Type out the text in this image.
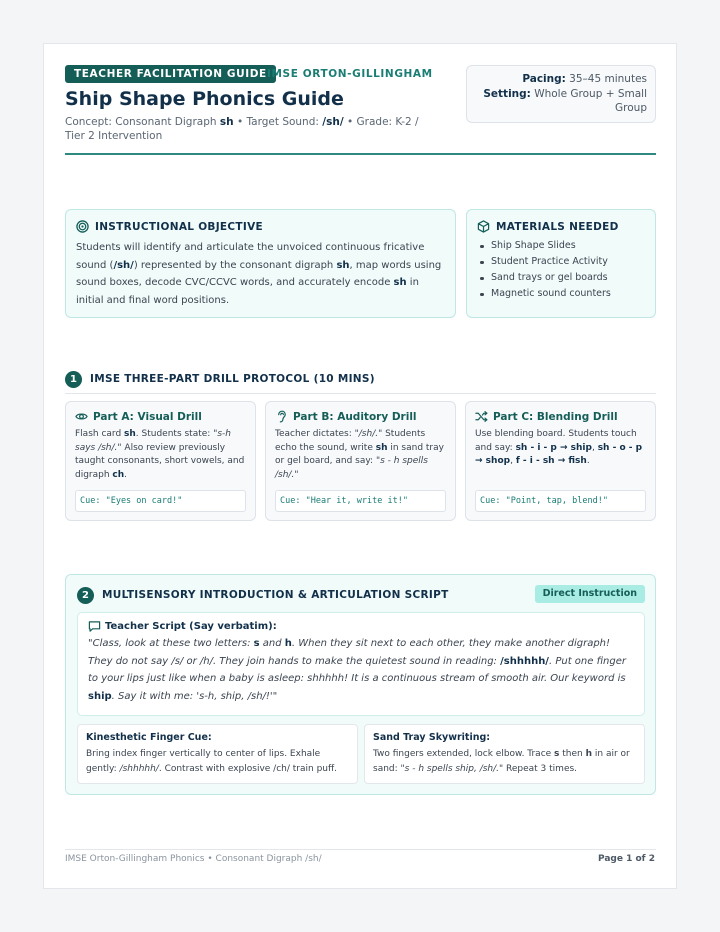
TEACHER FACILITATION GUIDE IMSE ORTON-GILLINGHAM
Ship Shape Phonics Guide
Concept: Consonant Digraph sh • Target Sound: /sh/ • Grade: K-2 / Tier 2 Intervention
Pacing: 35–45 minutes
Setting: Whole Group + Small Group
INSTRUCTIONAL OBJECTIVE
Students will identify and articulate the unvoiced continuous fricative sound (/sh/) represented by the consonant digraph sh, map words using sound boxes, decode CVC/CCVC words, and accurately encode sh in initial and final word positions.
MATERIALS NEEDED
Ship Shape Slides
Student Practice Activity
Sand trays or gel boards
Magnetic sound counters
1	IMSE THREE-PART DRILL PROTOCOL (10 MINS)
Part A: Visual Drill
Flash card sh. Students state: "s-h says /sh/." Also review previously taught consonants, short vowels, and digraph ch.
Cue: "Eyes on card!"
Part B: Auditory Drill
Teacher dictates: "/sh/." Students echo the sound, write sh in sand tray or gel board, and say: "s - h spells /sh/."
Cue: "Hear it, write it!"
Part C: Blending Drill
Use blending board. Students touch and say: sh - i - p → ship, sh - o - p → shop, f - i - sh → fish.
Cue: "Point, tap, blend!"
2	MULTISENSORY INTRODUCTION & ARTICULATION SCRIPT	Direct Instruction
Teacher Script (Say verbatim):
"Class, look at these two letters: s and h. When they sit next to each other, they make another digraph! They do not say /s/ or /h/. They join hands to make the quietest sound in reading: /shhhhh/. Put one finger to your lips just like when a baby is asleep: shhhhh! It is a continuous stream of smooth air. Our keyword is ship. Say it with me: 's-h, ship, /sh/!'"
Kinesthetic Finger Cue:
Bring index finger vertically to center of lips. Exhale gently: /shhhhh/. Contrast with explosive /ch/ train puff.
Sand Tray Skywriting:
Two fingers extended, lock elbow. Trace s then h in air or sand: "s - h spells ship, /sh/." Repeat 3 times.
IMSE Orton-Gillingham Phonics • Consonant Digraph /sh/	Page 1 of 2
